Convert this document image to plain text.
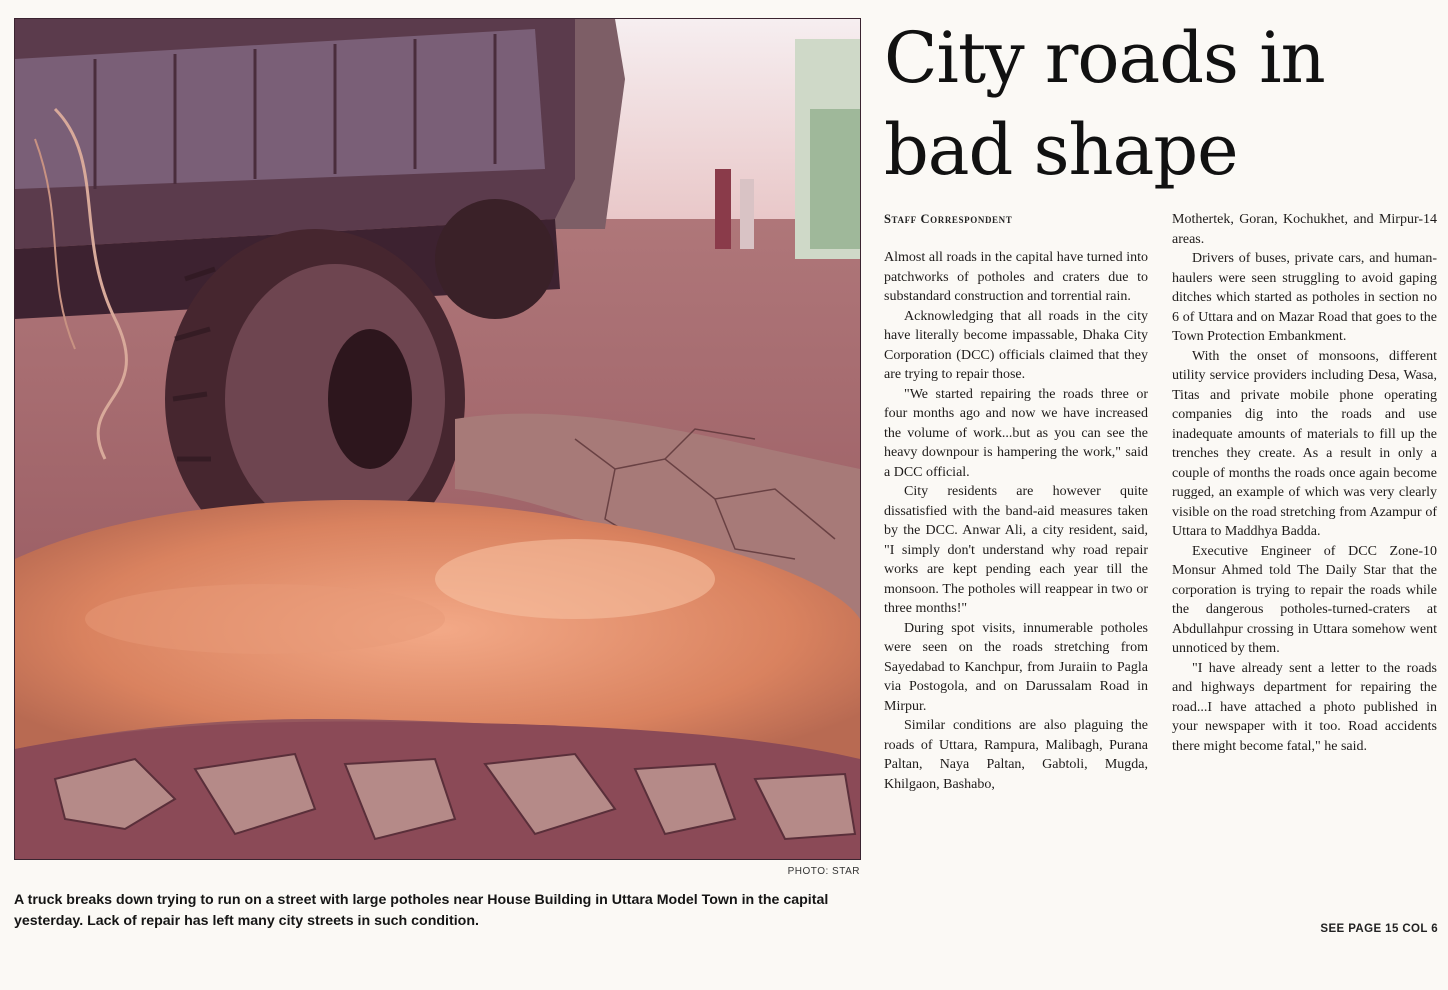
PHOTO: STAR
A truck breaks down trying to run on a street with large potholes near House Building in Uttara Model Town in the capital yesterday. Lack of repair has left many city streets in such condition.
City roads in bad shape
Staff Correspondent

Almost all roads in the capital have turned into patchworks of potholes and craters due to substandard construction and torrential rain.

Acknowledging that all roads in the city have literally become impassable, Dhaka City Corporation (DCC) officials claimed that they are trying to repair those.

"We started repairing the roads three or four months ago and now we have increased the volume of work...but as you can see the heavy downpour is hampering the work," said a DCC official.

City residents are however quite dissatisfied with the band-aid measures taken by the DCC. Anwar Ali, a city resident, said, "I simply don't understand why road repair works are kept pending each year till the monsoon. The potholes will reappear in two or three months!"

During spot visits, innumerable potholes were seen on the roads stretching from Sayedabad to Kanchpur, from Juraiin to Pagla via Postogola, and on Darussalam Road in Mirpur.

Similar conditions are also plaguing the roads of Uttara, Rampura, Malibagh, Purana Paltan, Naya Paltan, Gabtoli, Mugda, Khilgaon, Bashabo,

Mothertek, Goran, Kochukhet, and Mirpur-14 areas.

Drivers of buses, private cars, and human-haulers were seen struggling to avoid gaping ditches which started as potholes in section no 6 of Uttara and on Mazar Road that goes to the Town Protection Embankment.

With the onset of monsoons, different utility service providers including Desa, Wasa, Titas and private mobile phone operating companies dig into the roads and use inadequate amounts of materials to fill up the trenches they create. As a result in only a couple of months the roads once again become rugged, an example of which was very clearly visible on the road stretching from Azampur of Uttara to Maddhya Badda.

Executive Engineer of DCC Zone-10 Monsur Ahmed told The Daily Star that the corporation is trying to repair the roads while the dangerous potholes-turned-craters at Abdullahpur crossing in Uttara somehow went unnoticed by them.

"I have already sent a letter to the roads and highways department for repairing the road...I have attached a photo published in your newspaper with it too. Road accidents there might become fatal," he said.

SEE PAGE 15 COL 6
